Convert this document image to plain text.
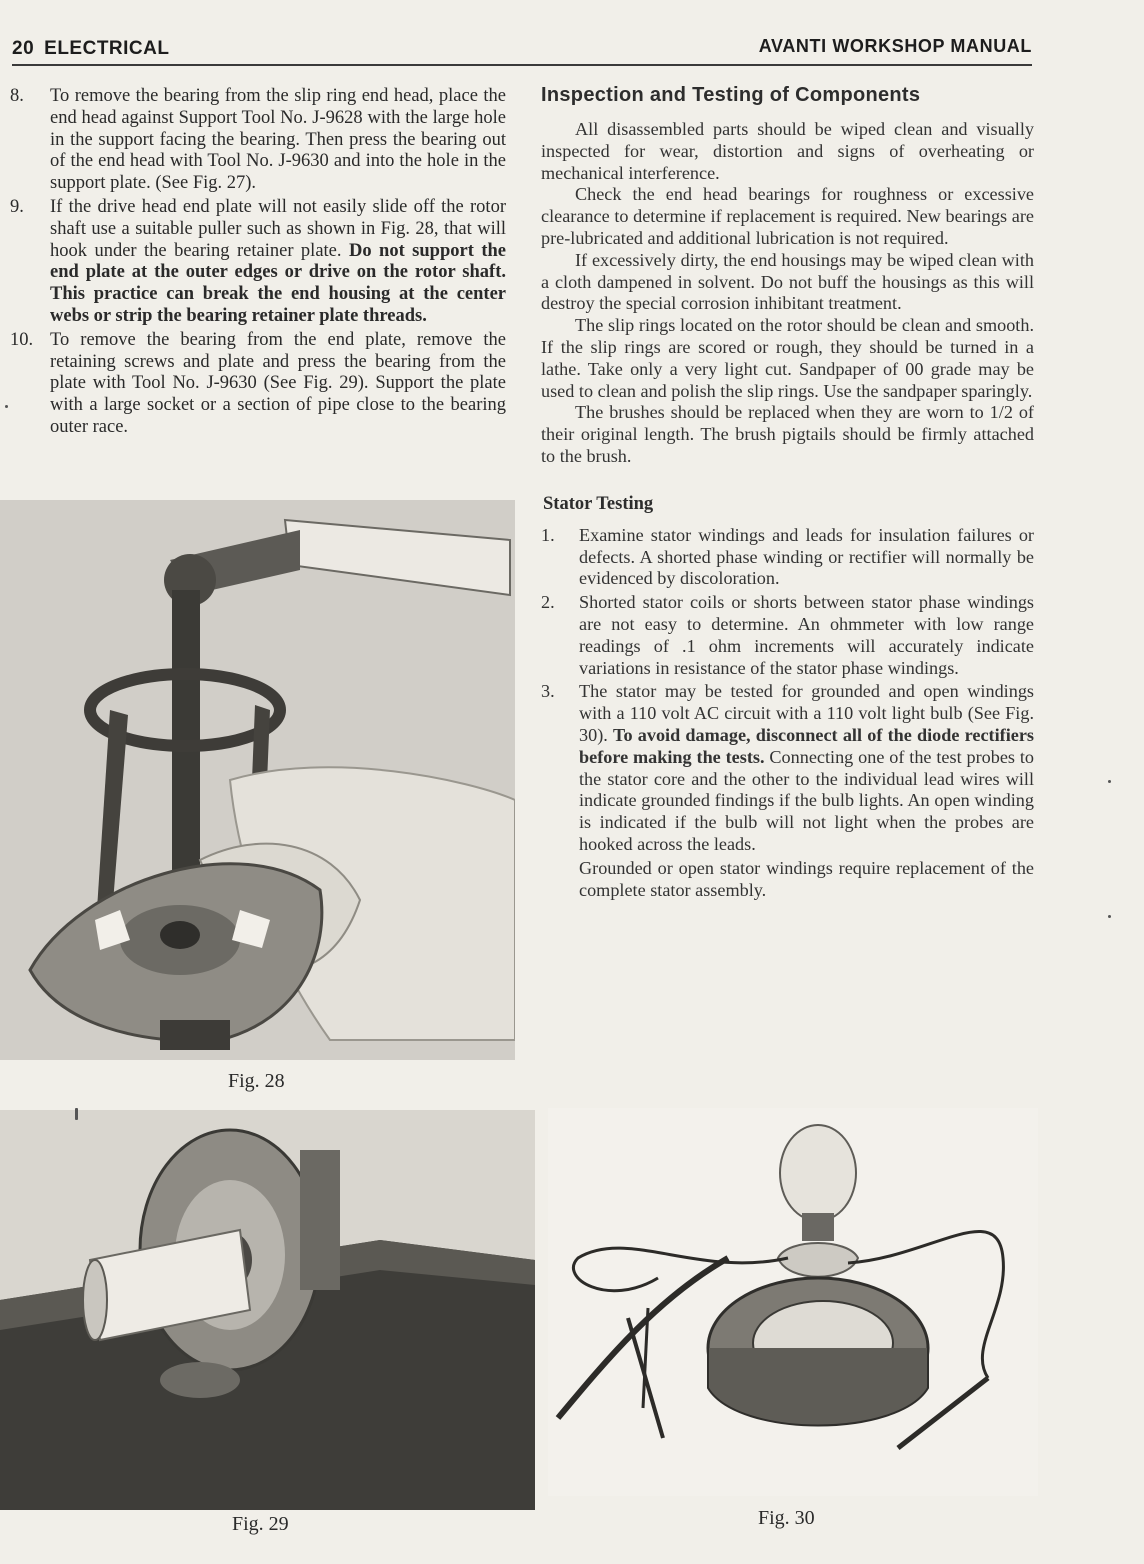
20 ELECTRICAL	AVANTI WORKSHOP MANUAL
8.	To remove the bearing from the slip ring end head, place the end head against Support Tool No. J-9628 with the large hole in the support facing the bearing. Then press the bearing out of the end head with Tool No. J-9630 and into the hole in the support plate. (See Fig. 27).
9.	If the drive head end plate will not easily slide off the rotor shaft use a suitable puller such as shown in Fig. 28, that will hook under the bearing retainer plate. Do not support the end plate at the outer edges or drive on the rotor shaft. This practice can break the end housing at the center webs or strip the bearing retainer plate threads.
10. To remove the bearing from the end plate, remove the retaining screws and plate and press the bearing from the plate with Tool No. J-9630 (See Fig. 29). Support the plate with a large socket or a section of pipe close to the bearing outer race.
Inspection and Testing of Components

All disassembled parts should be wiped clean and visually inspected for wear, distortion and signs of overheating or mechanical interference.

Check the end head bearings for roughness or excessive clearance to determine if replacement is required. New bearings are pre-lubricated and additional lubrication is not required.

If excessively dirty, the end housings may be wiped clean with a cloth dampened in solvent. Do not buff the housings as this will destroy the special corrosion inhibitant treatment.

The slip rings located on the rotor should be clean and smooth. If the slip rings are scored or rough, they should be turned in a lathe. Take only a very light cut. Sandpaper of 00 grade may be used to clean and polish the slip rings. Use the sandpaper sparingly.

The brushes should be replaced when they are worn to 1/2 of their original length. The brush pigtails should be firmly attached to the brush.

Stator Testing
1.	Examine stator windings and leads for insulation failures or defects. A shorted phase winding or rectifier will normally be evidenced by discoloration.
2.	Shorted stator coils or shorts between stator phase windings are not easy to determine. An ohmmeter with low range readings of .1 ohm increments will accurately indicate variations in resistance of the stator phase windings.
3.	The stator may be tested for grounded and open windings with a 110 volt AC circuit with a 110 volt light bulb (See Fig. 30). To avoid damage, disconnect all of the diode rectifiers before making the tests. Connecting one of the test probes to the stator core and the other to the individual lead wires will indicate grounded findings if the bulb lights. An open winding is indicated if the bulb will not light when the probes are hooked across the leads.
Grounded or open stator windings require replacement of the complete stator assembly.
Fig. 28
Fig. 29	Fig. 30
